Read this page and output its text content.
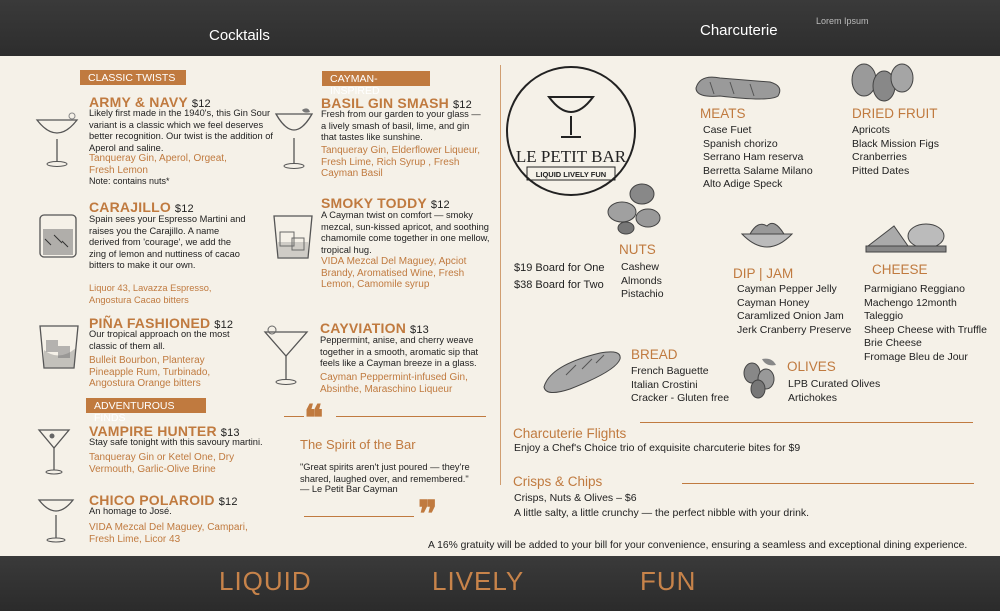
Cocktails	Charcuterie
Lorem Ipsum
CLASSIC TWISTS
ARMY & NAVY $12
Likely first made in the 1940's, this Gin Sour variant is a classic which we feel deserves better recognition. Our twist is the addition of Aperol and saline.
Tanqueray Gin, Aperol, Orgeat, Fresh Lemon
Note: contains nuts*
CARAJILLO $12
Spain sees your Espresso Martini and raises you the Carajillo. A name derived from 'courage', we add the zing of lemon and nuttiness of cacao bitters to make it our own.
Liquor 43, Lavazza Espresso, Angostura Cacao bitters
PIÑA FASHIONED $12
Our tropical approach on the most classic of them all.
Bulleit Bourbon, Planteray Pineapple Rum, Turbinado, Angostura Orange bitters
ADVENTUROUS FINDS
VAMPIRE HUNTER $13
Stay safe tonight with this savoury martini.
Tanqueray Gin or Ketel One, Dry Vermouth, Garlic-Olive Brine
CHICO POLAROID $12
An homage to José.
VIDA Mezcal Del Maguey, Campari, Fresh Lime, Licor 43
CAYMAN-INSPIRED
BASIL GIN SMASH $12
Fresh from our garden to your glass — a lively smash of basil, lime, and gin that tastes like sunshine.
Tanqueray Gin, Elderflower Liqueur, Fresh Lime, Rich Syrup , Fresh Cayman Basil
SMOKY TODDY $12
A Cayman twist on comfort — smoky mezcal, sun-kissed apricot, and soothing chamomile come together in one mellow, tropical hug.
VIDA Mezcal Del Maguey, Apciot Brandy, Aromatised Wine, Fresh Lemon, Camomile syrup
CAYVIATION $13
Peppermint, anise, and cherry weave together in a smooth, aromatic sip that feels like a Cayman breeze in a glass.
Cayman Peppermint-infused Gin, Absinthe, Maraschino Liqueur
❝
The Spirit of the Bar
"Great spirits aren't just poured — they're shared, laughed over, and remembered."
— Le Petit Bar Cayman
❞
LE PETIT BAR
LIQUID LIVELY FUN
MEATS
Case Fuet
Spanish chorizo
Serrano Ham reserva
Berretta Salame Milano
Alto Adige Speck
DRIED FRUIT
Apricots
Black Mission Figs
Cranberries
Pitted Dates
NUTS
Cashew
Almonds
Pistachio
$19 Board for One
$38 Board for Two
DIP | JAM
Cayman Pepper Jelly
Cayman Honey
Caramlized Onion Jam
Jerk Cranberry Preserve
CHEESE
Parmigiano Reggiano
Machengo 12month
Taleggio
Sheep Cheese with Truffle
Brie Cheese
Fromage Bleu de Jour
BREAD
French Baguette
Italian Crostini
Cracker - Gluten free
OLIVES
LPB Curated Olives
Artichokes
Charcuterie Flights
Enjoy a Chef's Choice trio of exquisite charcuterie bites for $9
Crisps & Chips
Crisps, Nuts & Olives – $6
A little salty, a little crunchy — the perfect nibble with your drink.
A 16% gratuity will be added to your bill for your convenience, ensuring a seamless and exceptional dining experience.
LIQUID	LIVELY	FUN
